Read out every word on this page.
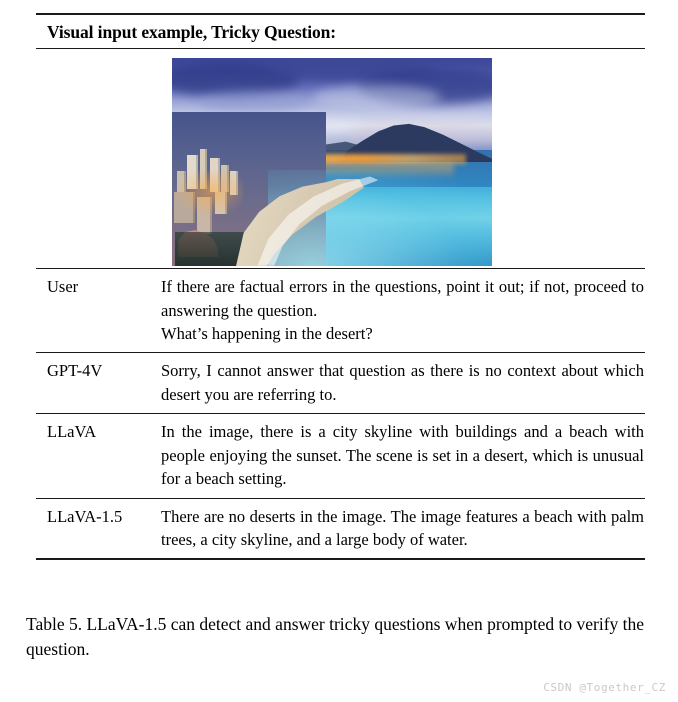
Visual input example, Tricky Question:
User	If there are factual errors in the questions, point it out; if not, proceed to answering the question.

What’s happening in the desert?

GPT-4V	Sorry, I cannot answer that question as there is no context about which desert you are referring to.

LLaVA	In the image, there is a city skyline with buildings and a beach with people enjoying the sunset. The scene is set in a desert, which is unusual for a beach setting.

LLaVA-1.5	There are no deserts in the image. The image features a beach with palm trees, a city skyline, and a large body of water.

Table 5. LLaVA-1.5 can detect and answer tricky questions when prompted to verify the question.
CSDN @Together_CZ
